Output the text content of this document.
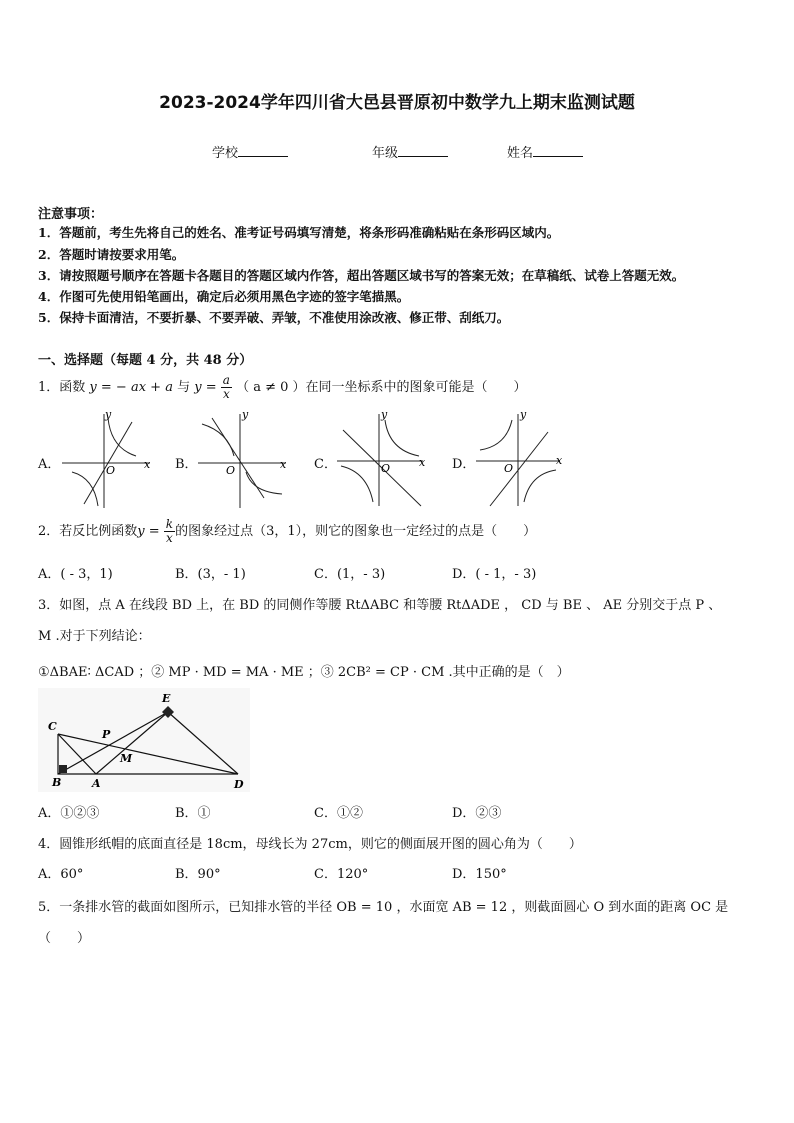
2023-2024学年四川省大邑县晋原初中数学九上期末监测试题
学校	年级	姓名
注意事项：
1．答题前，考生先将自己的姓名、准考证号码填写清楚，将条形码准确粘贴在条形码区域内。
2．答题时请按要求用笔。
3．请按照题号顺序在答题卡各题目的答题区域内作答，超出答题区域书写的答案无效；在草稿纸、试卷上答题无效。
4．作图可先使用铅笔画出，确定后必须用黑色字迹的签字笔描黑。
5．保持卡面清洁，不要折暴、不要弄破、弄皱，不准使用涂改液、修正带、刮纸刀。
一、选择题（每题 4 分，共 48 分）
1．函数 y = − ax + a 与 $y = \frac{a}{x}$ （ a ≠ 0 ）在同一坐标系中的图象可能是（　　）
A．
y
x
O	B．
y
x
O	C．
y
x
O	D．
y
x
O
2．若反比例函数$y = \frac{k}{x}$ 的图象经过点（3，1），则它的图象也一定经过的点是（　　）
A．( - 3，1)	B．(3，- 1)	C．(1，- 3)	D．( - 1，- 3)
3．如图，点 A 在线段 BD 上，在 BD 的同侧作等腰 RtΔABC 和等腰 RtΔADE ， CD 与 BE 、 AE 分别交于点 P 、
M .对于下列结论：
①ΔBAE∶ ΔCAD ；② MP · MD = MA · ME ；③ 2CB² = CP · CM .其中正确的是（　）
C
E
P
M
B	A	D
A．①②③	B．①	C．①②	D．②③
4．圆锥形纸帽的底面直径是 18cm，母线长为 27cm，则它的侧面展开图的圆心角为（　　）
A．60°	B．90°	C．120°	D．150°
5．一条排水管的截面如图所示，已知排水管的半径 OB = 10 ，水面宽 AB = 12 ，则截面圆心 O 到水面的距离 OC 是
（　　）
